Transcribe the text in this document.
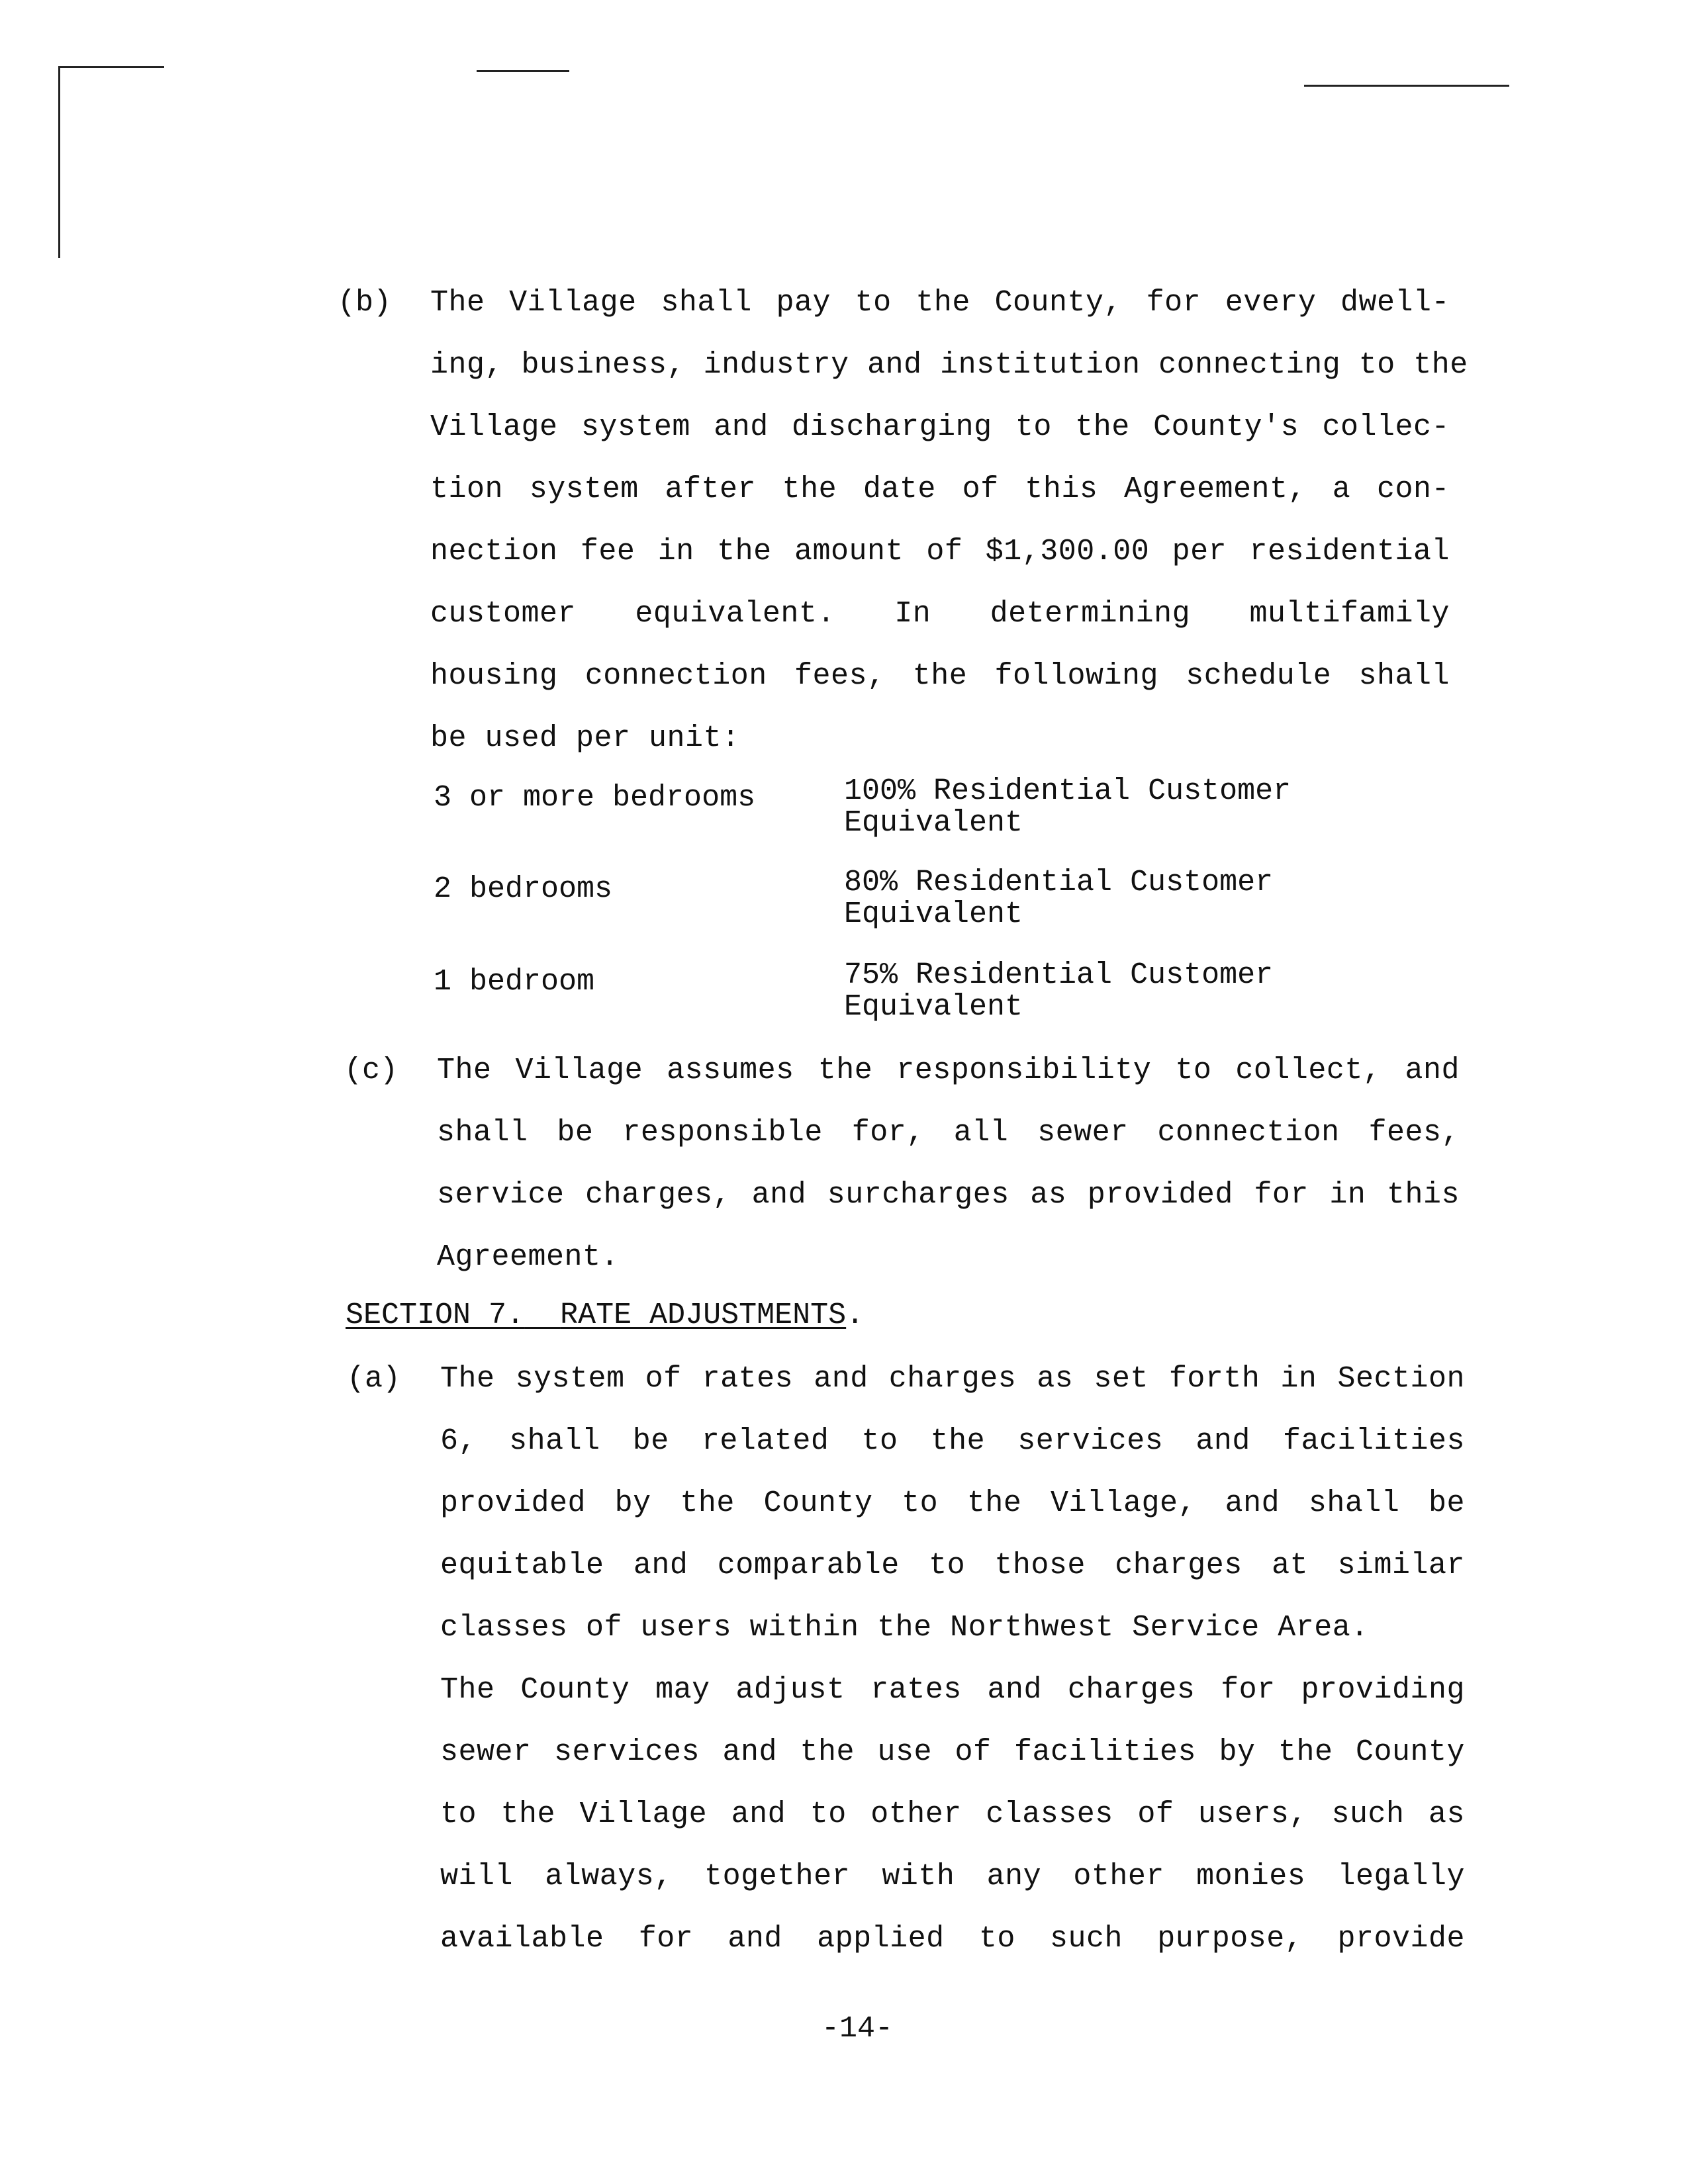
(b) The Village shall pay to the County, for every dwell-
ing, business, industry and institution connecting to the
Village system and discharging to the County's collec-
tion system after the date of this Agreement, a con-
nection fee in the amount of $1,300.00 per residential
customer equivalent. In determining multifamily
housing connection fees, the following schedule shall
be used per unit:
3 or more bedrooms	100% Residential Customer
Equivalent
2 bedrooms	80% Residential Customer
Equivalent
1 bedroom	75% Residential Customer
Equivalent
(c) The Village assumes the responsibility to collect, and
shall be responsible for, all sewer connection fees,
service charges, and surcharges as provided for in this
Agreement.
SECTION 7. RATE ADJUSTMENTS.
(a) The system of rates and charges as set forth in Section
6, shall be related to the services and facilities
provided by the County to the Village, and shall be
equitable and comparable to those charges at similar
classes of users within the Northwest Service Area.
The County may adjust rates and charges for providing
sewer services and the use of facilities by the County
to the Village and to other classes of users, such as
will always, together with any other monies legally
available for and applied to such purpose, provide
-14-
